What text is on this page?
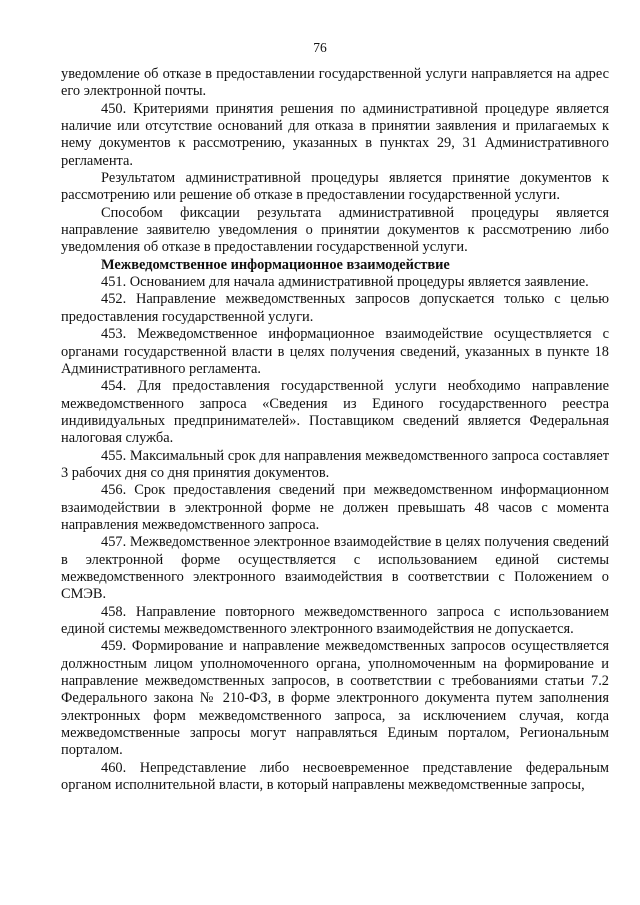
76

уведомление об отказе в предоставлении государственной услуги направляется на адрес его электронной почты.

450. Критериями принятия решения по административной процедуре является наличие или отсутствие оснований для отказа в принятии заявления и прилагаемых к нему документов к рассмотрению, указанных в пунктах 29, 31 Административного регламента.

Результатом административной процедуры является принятие документов к рассмотрению или решение об отказе в предоставлении государственной услуги.

Способом фиксации результата административной процедуры является направление заявителю уведомления о принятии документов к рассмотрению либо уведомления об отказе в предоставлении государственной услуги.

Межведомственное информационное взаимодействие

451. Основанием для начала административной процедуры является заявление.

452. Направление межведомственных запросов допускается только с целью предоставления государственной услуги.

453. Межведомственное информационное взаимодействие осуществляется с органами государственной власти в целях получения сведений, указанных в пункте 18 Административного регламента.

454. Для предоставления государственной услуги необходимо направление межведомственного запроса «Сведения из Единого государственного реестра индивидуальных предпринимателей». Поставщиком сведений является Федеральная налоговая служба.

455. Максимальный срок для направления межведомственного запроса составляет 3 рабочих дня со дня принятия документов.

456. Срок предоставления сведений при межведомственном информационном взаимодействии в электронной форме не должен превышать 48 часов с момента направления межведомственного запроса.

457. Межведомственное электронное взаимодействие в целях получения сведений в электронной форме осуществляется с использованием единой системы межведомственного электронного взаимодействия в соответствии с Положением о СМЭВ.

458. Направление повторного межведомственного запроса с использованием единой системы межведомственного электронного взаимодействия не допускается.

459. Формирование и направление межведомственных запросов осуществляется должностным лицом уполномоченного органа, уполномоченным на формирование и направление межведомственных запросов, в соответствии с требованиями статьи 7.2 Федерального закона № 210-ФЗ, в форме электронного документа путем заполнения электронных форм межведомственного запроса, за исключением случая, когда межведомственные запросы могут направляться Единым порталом, Региональным порталом.

460. Непредставление либо несвоевременное представление федеральным органом исполнительной власти, в который направлены межведомственные запросы,
